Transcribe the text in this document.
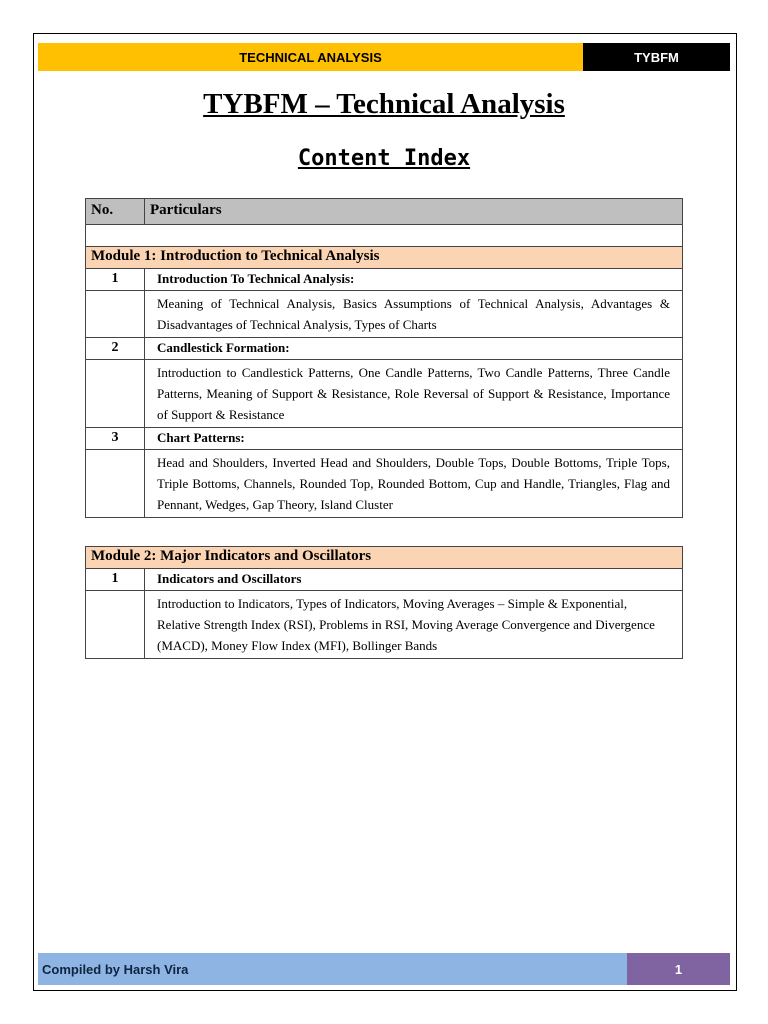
TECHNICAL ANALYSIS	TYBFM
TYBFM – Technical Analysis
Content Index
No.	Particulars

Module 1: Introduction to Technical Analysis	
1	Introduction To Technical Analysis:
	Meaning of Technical Analysis, Basics Assumptions of Technical Analysis, Advantages & Disadvantages of Technical Analysis, Types of Charts
2	Candlestick Formation:
	Introduction to Candlestick Patterns, One Candle Patterns, Two Candle Patterns, Three Candle Patterns, Meaning of Support & Resistance, Role Reversal of Support & Resistance, Importance of Support & Resistance
3	Chart Patterns:
	Head and Shoulders, Inverted Head and Shoulders, Double Tops, Double Bottoms, Triple Tops, Triple Bottoms, Channels, Rounded Top, Rounded Bottom, Cup and Handle, Triangles, Flag and Pennant, Wedges, Gap Theory, Island Cluster
Module 2: Major Indicators and Oscillators	
1	Indicators and Oscillators
	Introduction to Indicators, Types of Indicators, Moving Averages – Simple & Exponential, Relative Strength Index (RSI), Problems in RSI, Moving Average Convergence and Divergence (MACD), Money Flow Index (MFI), Bollinger Bands
Compiled by Harsh Vira	1
